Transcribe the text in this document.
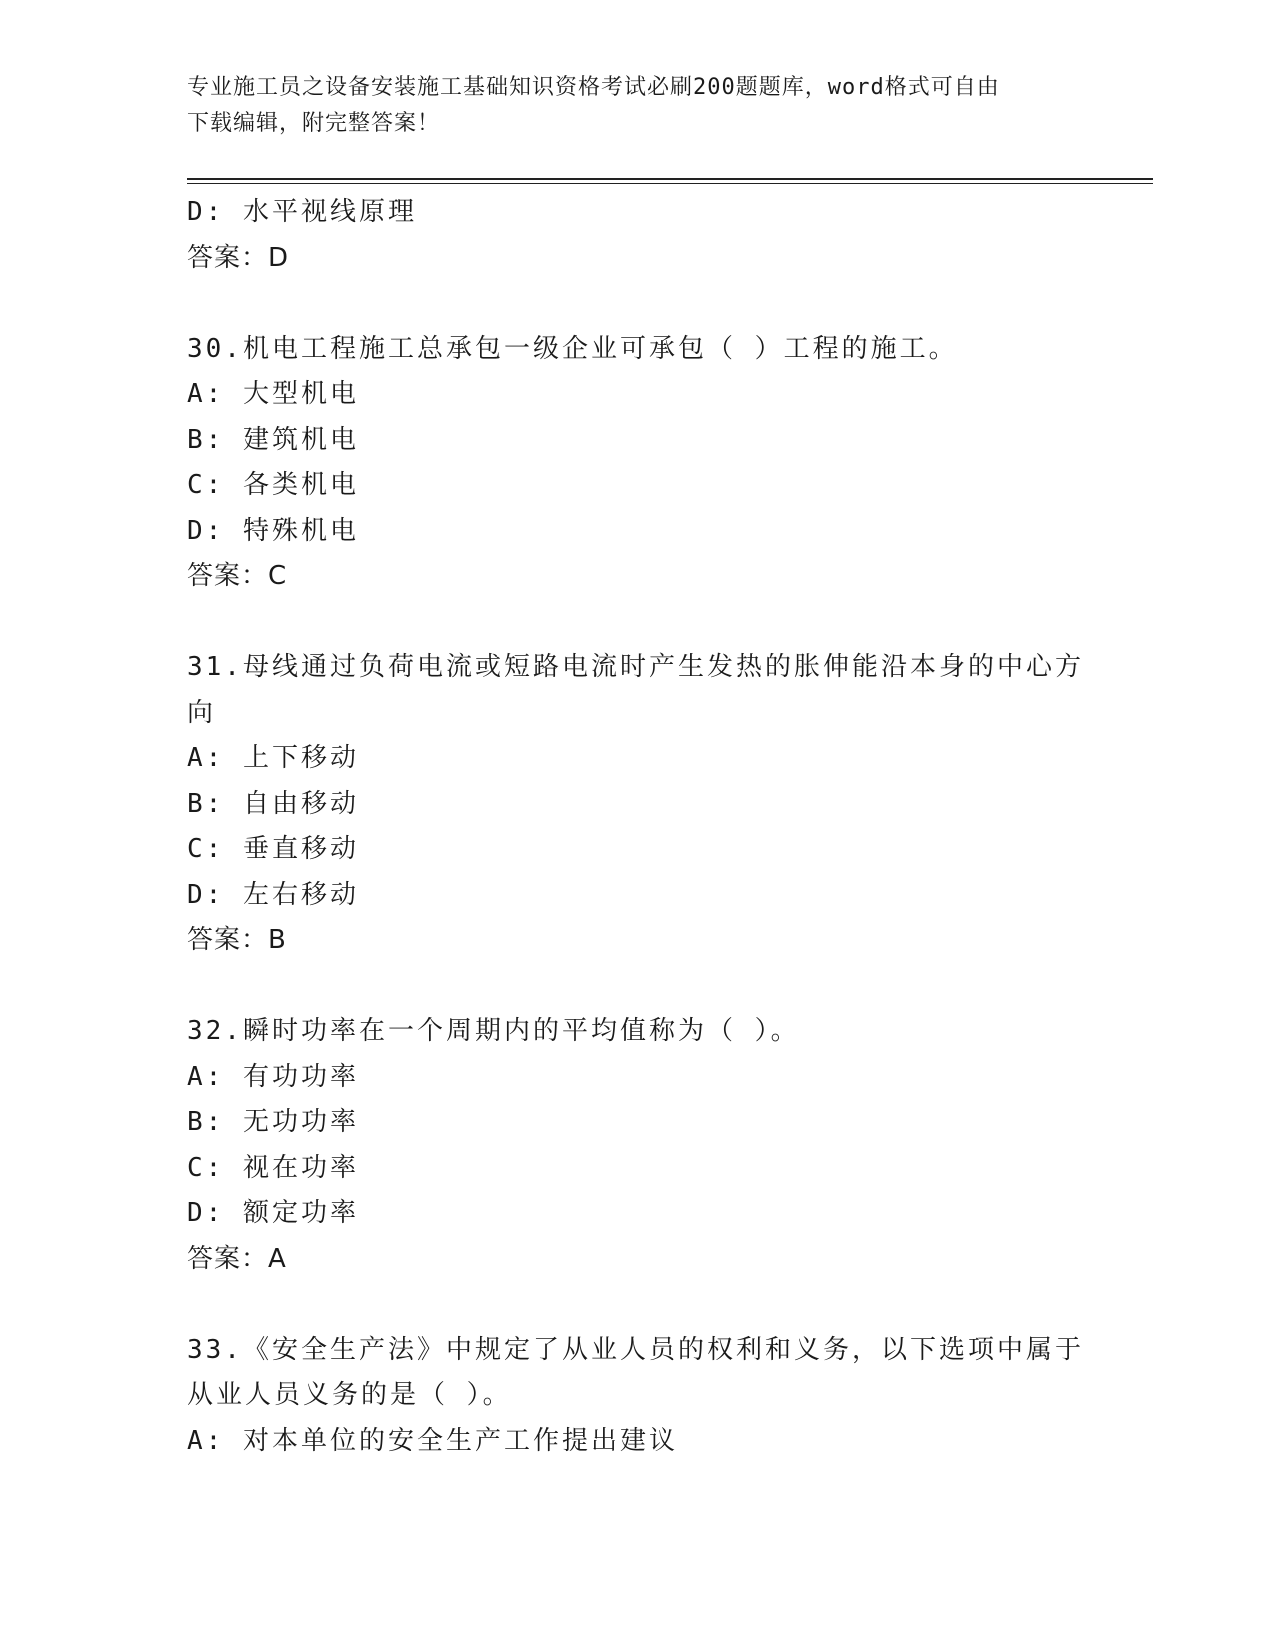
专业施工员之设备安装施工基础知识资格考试必刷200题题库，word格式可自由
下载编辑，附完整答案！
D: 水平视线原理
答案：D
30.机电工程施工总承包一级企业可承包（ ）工程的施工。
A: 大型机电
B: 建筑机电
C: 各类机电
D: 特殊机电
答案：C
31.母线通过负荷电流或短路电流时产生发热的胀伸能沿本身的中心方向
A: 上下移动
B: 自由移动
C: 垂直移动
D: 左右移动
答案：B
32.瞬时功率在一个周期内的平均值称为（ ）。
A: 有功功率
B: 无功功率
C: 视在功率
D: 额定功率
答案：A
33.《安全生产法》中规定了从业人员的权利和义务，以下选项中属于从业人员义务的是（ ）。
A: 对本单位的安全生产工作提出建议
